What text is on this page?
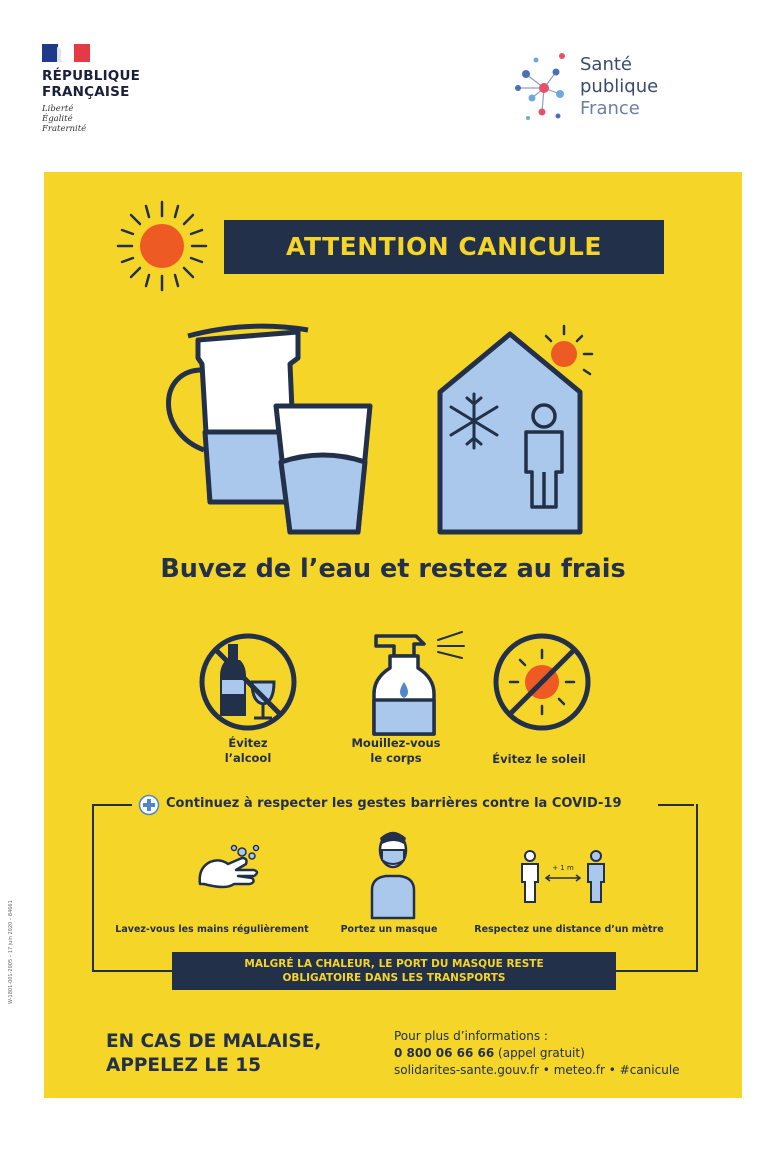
RÉPUBLIQUE
FRANÇAISE
Liberté
Égalité
Fraternité
Santé
publique
France
ATTENTION CANICULE
Buvez de l’eau et restez au frais
Évitez
l’alcool
Mouillez-vous
le corps	Évitez le soleil
Continuez à respecter les gestes barrières contre la COVID-19
+ 1 m
Lavez-vous les mains régulièrement	Portez un masque	Respectez une distance d’un mètre
MALGRÉ LA CHALEUR, LE PORT DU MASQUE RESTE
OBLIGATOIRE DANS LES TRANSPORTS
EN CAS DE MALAISE,
APPELEZ LE 15
Pour plus d’informations :
0 800 06 66 66 (appel gratuit)
solidarites-sante.gouv.fr • meteo.fr • #canicule
W-1801-001-2005 – 17 juin 2020 – 84661
